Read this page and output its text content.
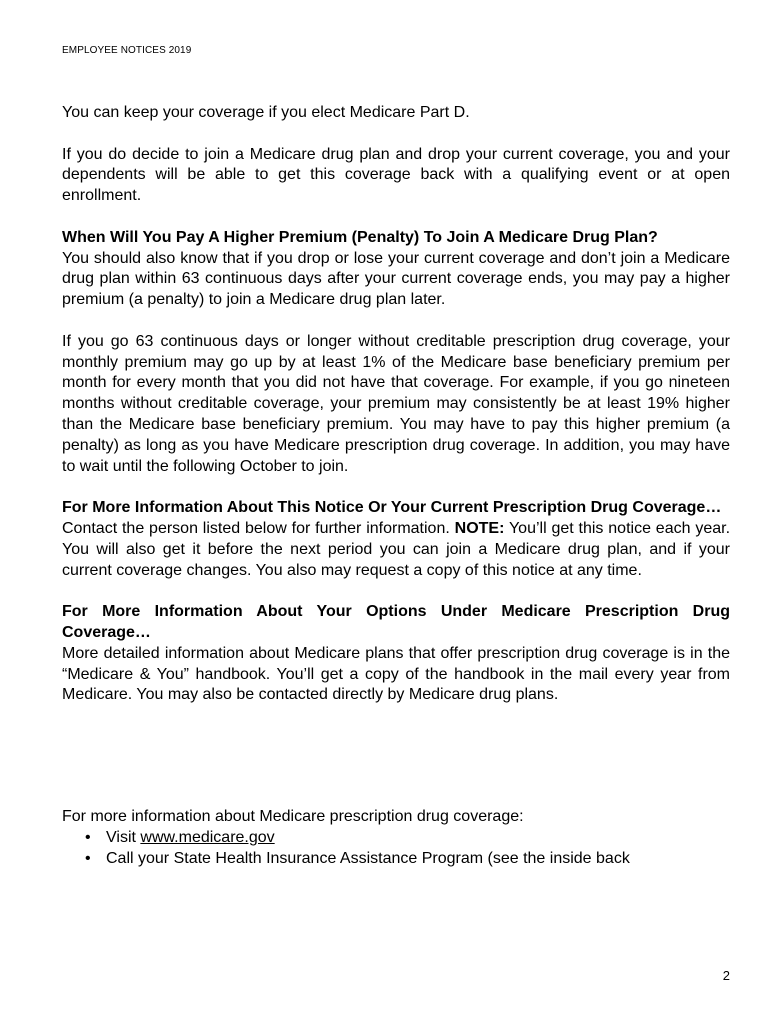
EMPLOYEE NOTICES 2019

You can keep your coverage if you elect Medicare Part D.

If you do decide to join a Medicare drug plan and drop your current coverage, you and your dependents will be able to get this coverage back with a qualifying event or at open enrollment.

When Will You Pay A Higher Premium (Penalty) To Join A Medicare Drug Plan?
You should also know that if you drop or lose your current coverage and don’t join a Medicare drug plan within 63 continuous days after your current coverage ends, you may pay a higher premium (a penalty) to join a Medicare drug plan later.

If you go 63 continuous days or longer without creditable prescription drug coverage, your monthly premium may go up by at least 1% of the Medicare base beneficiary premium per month for every month that you did not have that coverage. For example, if you go nineteen months without creditable coverage, your premium may consistently be at least 19% higher than the Medicare base beneficiary premium. You may have to pay this higher premium (a penalty) as long as you have Medicare prescription drug coverage. In addition, you may have to wait until the following October to join.

For More Information About This Notice Or Your Current Prescription Drug Coverage…
Contact the person listed below for further information. NOTE: You’ll get this notice each year. You will also get it before the next period you can join a Medicare drug plan, and if your current coverage changes. You also may request a copy of this notice at any time.

For More Information About Your Options Under Medicare Prescription Drug Coverage…
More detailed information about Medicare plans that offer prescription drug coverage is in the “Medicare & You” handbook. You’ll get a copy of the handbook in the mail every year from Medicare. You may also be contacted directly by Medicare drug plans.

For more information about Medicare prescription drug coverage:
• Visit www.medicare.gov
• Call your State Health Insurance Assistance Program (see the inside back
2
